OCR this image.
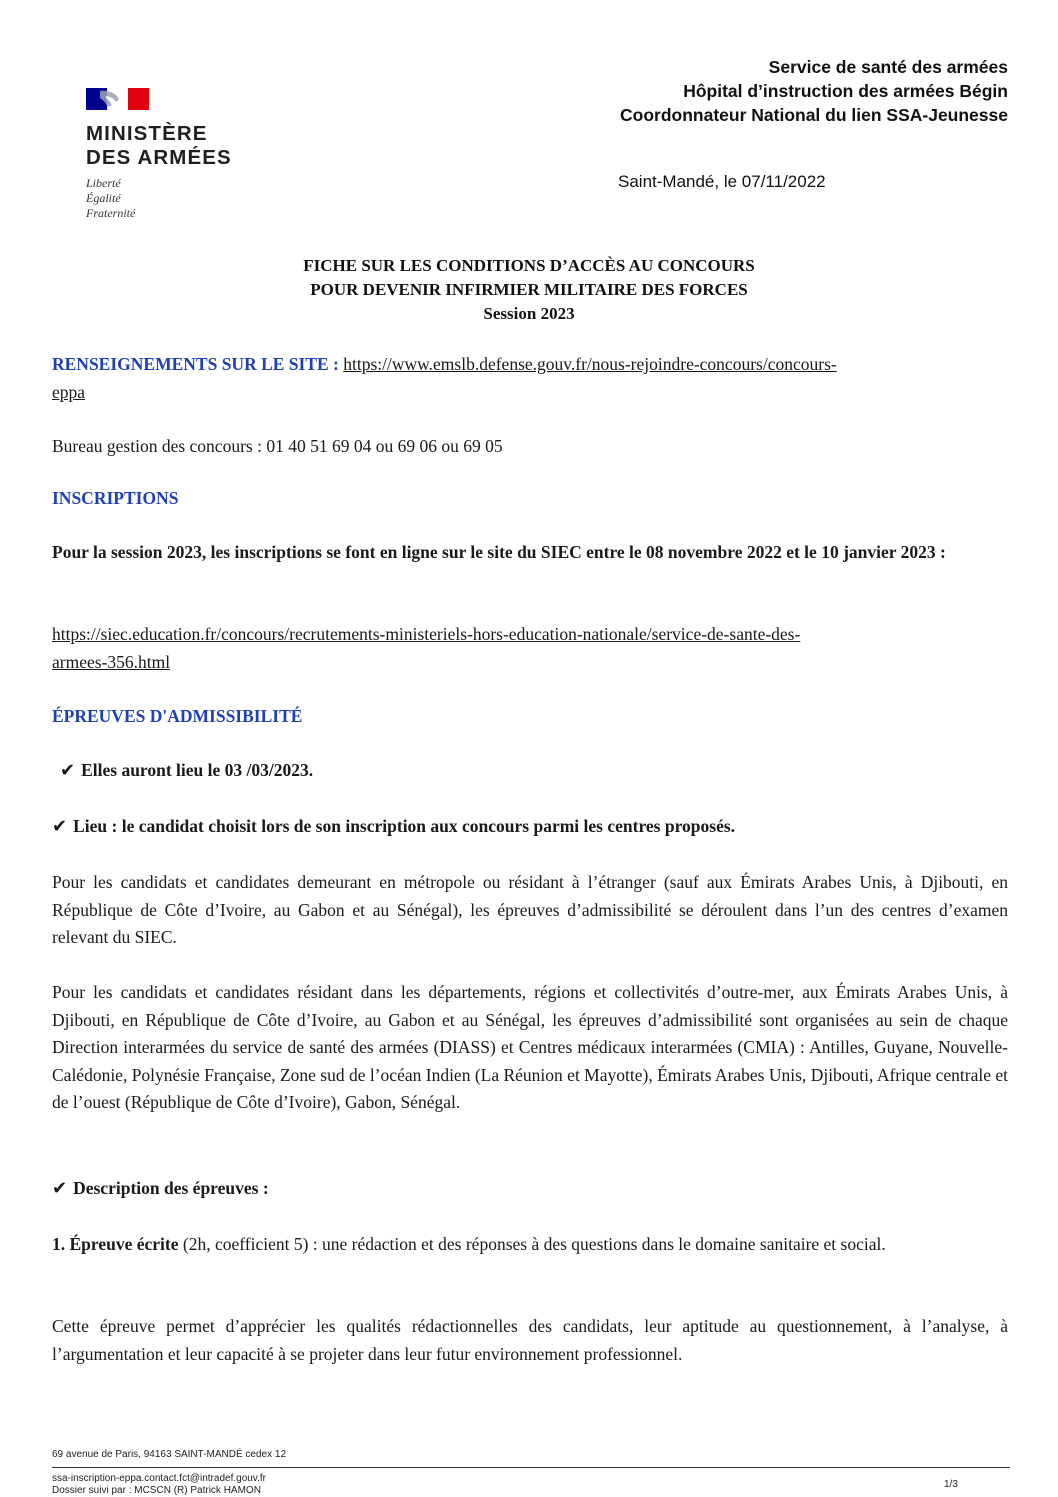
MINISTÈRE
DES ARMÉES
Liberté
Égalité
Fraternité
Service de santé des armées
Hôpital d’instruction des armées Bégin
Coordonnateur National du lien SSA-Jeunesse
Saint-Mandé, le 07/11/2022
FICHE SUR LES CONDITIONS D’ACCÈS AU CONCOURS
POUR DEVENIR INFIRMIER MILITAIRE DES FORCES
Session 2023
RENSEIGNEMENTS SUR LE SITE : https://www.emslb.defense.gouv.fr/nous-rejoindre-concours/concours-
eppa
Bureau gestion des concours : 01 40 51 69 04 ou 69 06 ou 69 05
INSCRIPTIONS
Pour la session 2023, les inscriptions se font en ligne sur le site du SIEC entre le 08 novembre 2022 et le 10 janvier 2023 :
https://siec.education.fr/concours/recrutements-ministeriels-hors-education-nationale/service-de-sante-des-
armees-356.html
ÉPREUVES D'ADMISSIBILITÉ
✔ Elles auront lieu le 03 /03/2023.
✔ Lieu : le candidat choisit lors de son inscription aux concours parmi les centres proposés.
Pour les candidats et candidates demeurant en métropole ou résidant à l’étranger (sauf aux Émirats Arabes Unis, à Djibouti, en République de Côte d’Ivoire, au Gabon et au Sénégal), les épreuves d’admissibilité se déroulent dans l’un des centres d’examen relevant du SIEC.
Pour les candidats et candidates résidant dans les départements, régions et collectivités d’outre-mer, aux Émirats Arabes Unis, à Djibouti, en République de Côte d’Ivoire, au Gabon et au Sénégal, les épreuves d’admissibilité sont organisées au sein de chaque Direction interarmées du service de santé des armées (DIASS) et Centres médicaux interarmées (CMIA) : Antilles, Guyane, Nouvelle-Calédonie, Polynésie Française, Zone sud de l’océan Indien (La Réunion et Mayotte), Émirats Arabes Unis, Djibouti, Afrique centrale et de l’ouest (République de Côte d’Ivoire), Gabon, Sénégal.
✔ Description des épreuves :
1. Épreuve écrite (2h, coefficient 5) : une rédaction et des réponses à des questions dans le domaine sanitaire et social.
Cette épreuve permet d’apprécier les qualités rédactionnelles des candidats, leur aptitude au questionnement, à l’analyse, à l’argumentation et leur capacité à se projeter dans leur futur environnement professionnel.
69 avenue de Paris, 94163 SAINT-MANDÉ cedex 12
ssa-inscription-eppa.contact.fct@intradef.gouv.fr
Dossier suivi par : MCSCN (R) Patrick HAMON
1/3
